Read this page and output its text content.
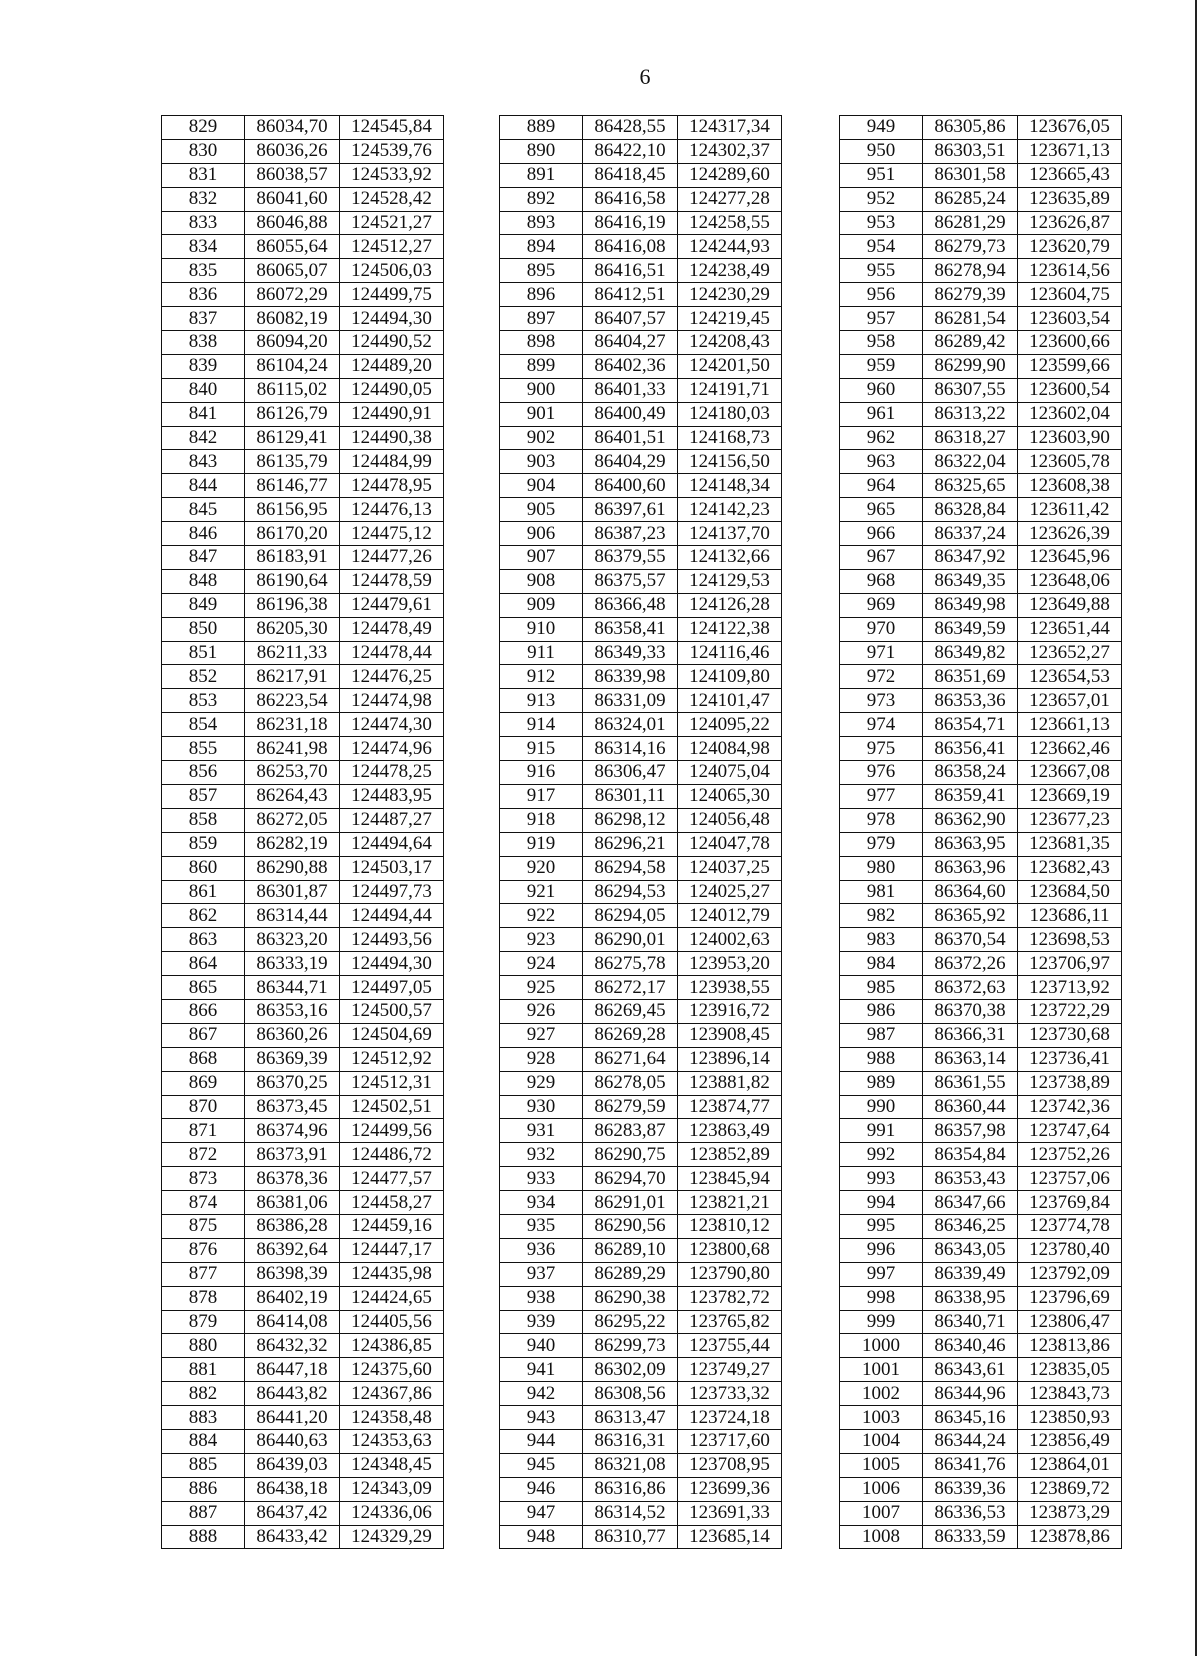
6
829	86034,70	124545,84
830	86036,26	124539,76
831	86038,57	124533,92
832	86041,60	124528,42
833	86046,88	124521,27
834	86055,64	124512,27
835	86065,07	124506,03
836	86072,29	124499,75
837	86082,19	124494,30
838	86094,20	124490,52
839	86104,24	124489,20
840	86115,02	124490,05
841	86126,79	124490,91
842	86129,41	124490,38
843	86135,79	124484,99
844	86146,77	124478,95
845	86156,95	124476,13
846	86170,20	124475,12
847	86183,91	124477,26
848	86190,64	124478,59
849	86196,38	124479,61
850	86205,30	124478,49
851	86211,33	124478,44
852	86217,91	124476,25
853	86223,54	124474,98
854	86231,18	124474,30
855	86241,98	124474,96
856	86253,70	124478,25
857	86264,43	124483,95
858	86272,05	124487,27
859	86282,19	124494,64
860	86290,88	124503,17
861	86301,87	124497,73
862	86314,44	124494,44
863	86323,20	124493,56
864	86333,19	124494,30
865	86344,71	124497,05
866	86353,16	124500,57
867	86360,26	124504,69
868	86369,39	124512,92
869	86370,25	124512,31
870	86373,45	124502,51
871	86374,96	124499,56
872	86373,91	124486,72
873	86378,36	124477,57
874	86381,06	124458,27
875	86386,28	124459,16
876	86392,64	124447,17
877	86398,39	124435,98
878	86402,19	124424,65
879	86414,08	124405,56
880	86432,32	124386,85
881	86447,18	124375,60
882	86443,82	124367,86
883	86441,20	124358,48
884	86440,63	124353,63
885	86439,03	124348,45
886	86438,18	124343,09
887	86437,42	124336,06
888	86433,42	124329,29
889	86428,55	124317,34
890	86422,10	124302,37
891	86418,45	124289,60
892	86416,58	124277,28
893	86416,19	124258,55
894	86416,08	124244,93
895	86416,51	124238,49
896	86412,51	124230,29
897	86407,57	124219,45
898	86404,27	124208,43
899	86402,36	124201,50
900	86401,33	124191,71
901	86400,49	124180,03
902	86401,51	124168,73
903	86404,29	124156,50
904	86400,60	124148,34
905	86397,61	124142,23
906	86387,23	124137,70
907	86379,55	124132,66
908	86375,57	124129,53
909	86366,48	124126,28
910	86358,41	124122,38
911	86349,33	124116,46
912	86339,98	124109,80
913	86331,09	124101,47
914	86324,01	124095,22
915	86314,16	124084,98
916	86306,47	124075,04
917	86301,11	124065,30
918	86298,12	124056,48
919	86296,21	124047,78
920	86294,58	124037,25
921	86294,53	124025,27
922	86294,05	124012,79
923	86290,01	124002,63
924	86275,78	123953,20
925	86272,17	123938,55
926	86269,45	123916,72
927	86269,28	123908,45
928	86271,64	123896,14
929	86278,05	123881,82
930	86279,59	123874,77
931	86283,87	123863,49
932	86290,75	123852,89
933	86294,70	123845,94
934	86291,01	123821,21
935	86290,56	123810,12
936	86289,10	123800,68
937	86289,29	123790,80
938	86290,38	123782,72
939	86295,22	123765,82
940	86299,73	123755,44
941	86302,09	123749,27
942	86308,56	123733,32
943	86313,47	123724,18
944	86316,31	123717,60
945	86321,08	123708,95
946	86316,86	123699,36
947	86314,52	123691,33
948	86310,77	123685,14
949	86305,86	123676,05
950	86303,51	123671,13
951	86301,58	123665,43
952	86285,24	123635,89
953	86281,29	123626,87
954	86279,73	123620,79
955	86278,94	123614,56
956	86279,39	123604,75
957	86281,54	123603,54
958	86289,42	123600,66
959	86299,90	123599,66
960	86307,55	123600,54
961	86313,22	123602,04
962	86318,27	123603,90
963	86322,04	123605,78
964	86325,65	123608,38
965	86328,84	123611,42
966	86337,24	123626,39
967	86347,92	123645,96
968	86349,35	123648,06
969	86349,98	123649,88
970	86349,59	123651,44
971	86349,82	123652,27
972	86351,69	123654,53
973	86353,36	123657,01
974	86354,71	123661,13
975	86356,41	123662,46
976	86358,24	123667,08
977	86359,41	123669,19
978	86362,90	123677,23
979	86363,95	123681,35
980	86363,96	123682,43
981	86364,60	123684,50
982	86365,92	123686,11
983	86370,54	123698,53
984	86372,26	123706,97
985	86372,63	123713,92
986	86370,38	123722,29
987	86366,31	123730,68
988	86363,14	123736,41
989	86361,55	123738,89
990	86360,44	123742,36
991	86357,98	123747,64
992	86354,84	123752,26
993	86353,43	123757,06
994	86347,66	123769,84
995	86346,25	123774,78
996	86343,05	123780,40
997	86339,49	123792,09
998	86338,95	123796,69
999	86340,71	123806,47
1000	86340,46	123813,86
1001	86343,61	123835,05
1002	86344,96	123843,73
1003	86345,16	123850,93
1004	86344,24	123856,49
1005	86341,76	123864,01
1006	86339,36	123869,72
1007	86336,53	123873,29
1008	86333,59	123878,86
